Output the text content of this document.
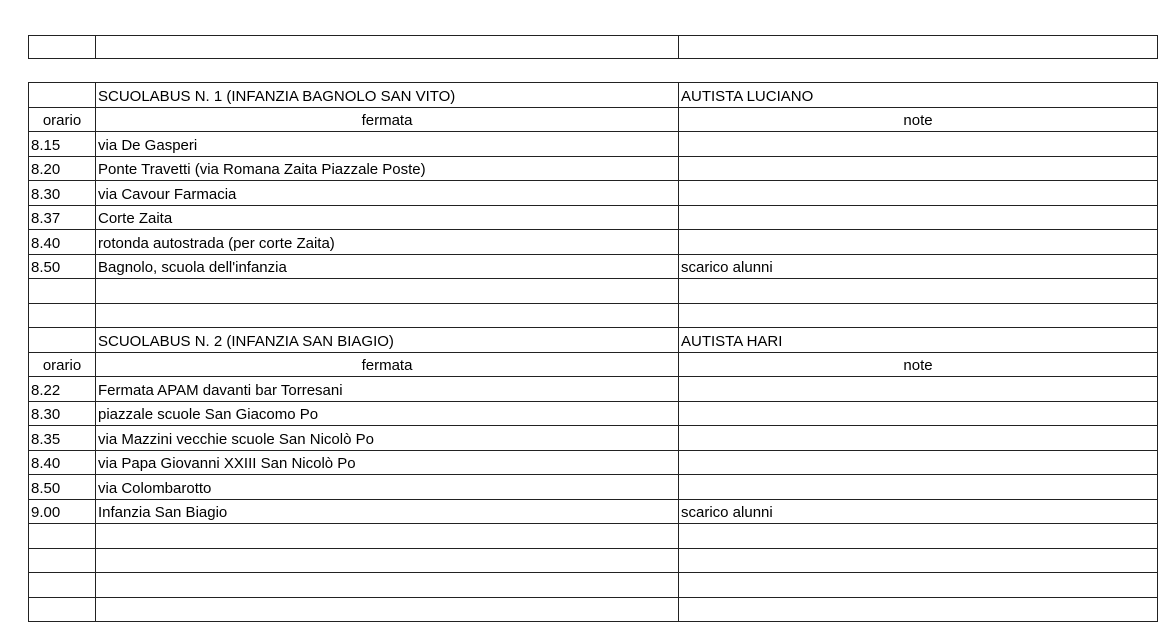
	SCUOLABUS N. 1 (INFANZIA BAGNOLO SAN VITO)	AUTISTA LUCIANO
orario	fermata	note
8.15	via De Gasperi	
8.20	Ponte Travetti (via Romana Zaita Piazzale Poste)	
8.30	via Cavour Farmacia	
8.37	Corte Zaita	
8.40	rotonda autostrada (per corte Zaita)	
8.50	Bagnolo, scuola dell'infanzia	scarico alunni

	SCUOLABUS N. 2 (INFANZIA SAN BIAGIO)	AUTISTA HARI
orario	fermata	note
8.22	Fermata APAM davanti bar Torresani	
8.30	piazzale scuole San Giacomo Po	
8.35	via Mazzini vecchie scuole San Nicolò Po	
8.40	via Papa Giovanni XXIII San Nicolò Po	
8.50	via Colombarotto	
9.00	Infanzia San Biagio	scarico alunni
